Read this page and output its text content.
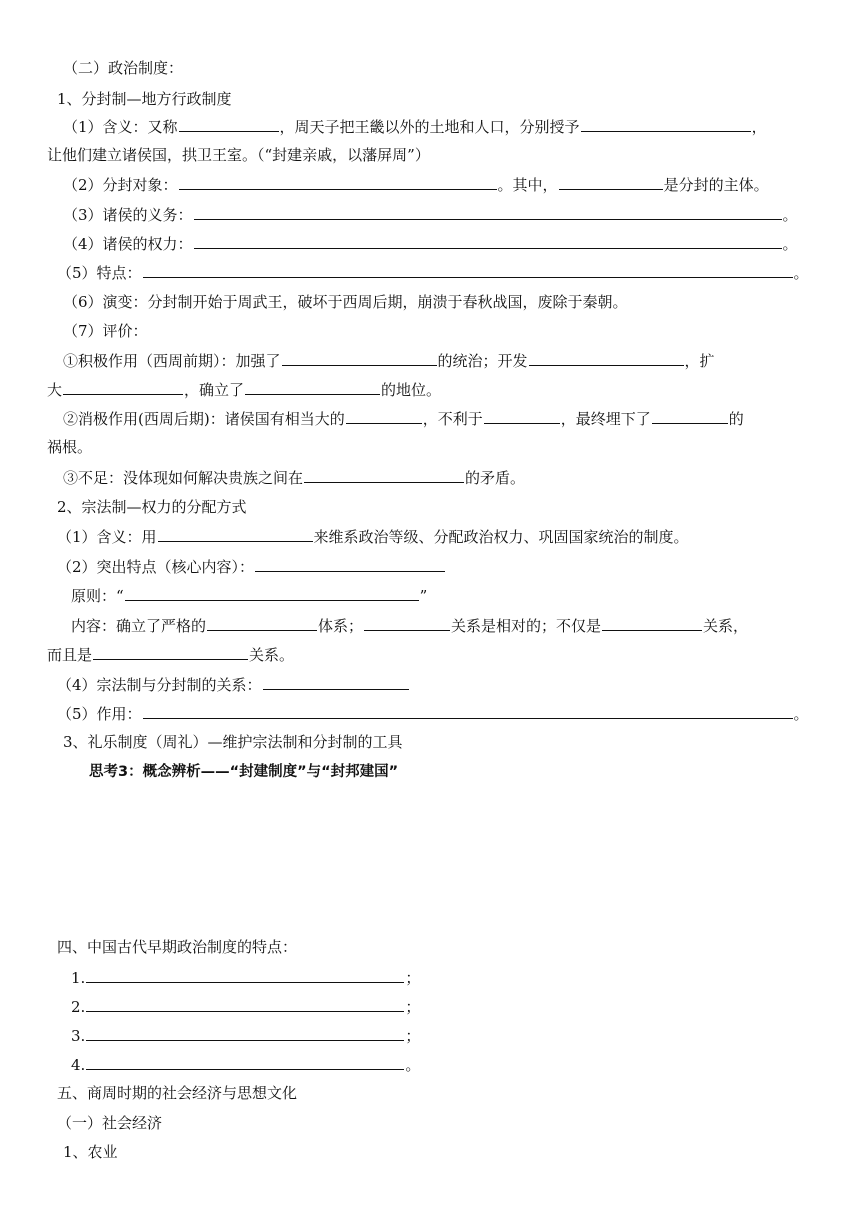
（二）政治制度：
1、分封制—地方行政制度
（1）含义：又称	，周天子把王畿以外的土地和人口，分别授予	，
让他们建立诸侯国，拱卫王室。（“封建亲戚，以藩屏周”）
（2）分封对象：	。其中，	是分封的主体。
（3）诸侯的义务：	。
（4）诸侯的权力：	。
（5）特点：	。
（6）演变：分封制开始于周武王，破坏于西周后期，崩溃于春秋战国，废除于秦朝。
（7）评价：
①积极作用（西周前期）：加强了	的统治；开发	，扩
大	，确立了	的地位。
②消极作用(西周后期)：诸侯国有相当大的	，不利于	，最终埋下了	的
祸根。
③不足：没体现如何解决贵族之间在	的矛盾。
2、宗法制—权力的分配方式
（1）含义：用	来维系政治等级、分配政治权力、巩固国家统治的制度。
（2）突出特点（核心内容）：
原则：“	”
内容：确立了严格的	体系；	关系是相对的；不仅是	关系，
而且是	关系。
（4）宗法制与分封制的关系：
（5）作用：	。
3、礼乐制度（周礼）—维护宗法制和分封制的工具
思考3：概念辨析——“封建制度”与“封邦建国”
四、中国古代早期政治制度的特点：
1.	；
2.	；
3.	；
4.	。
五、商周时期的社会经济与思想文化
（一）社会经济
1、农业
